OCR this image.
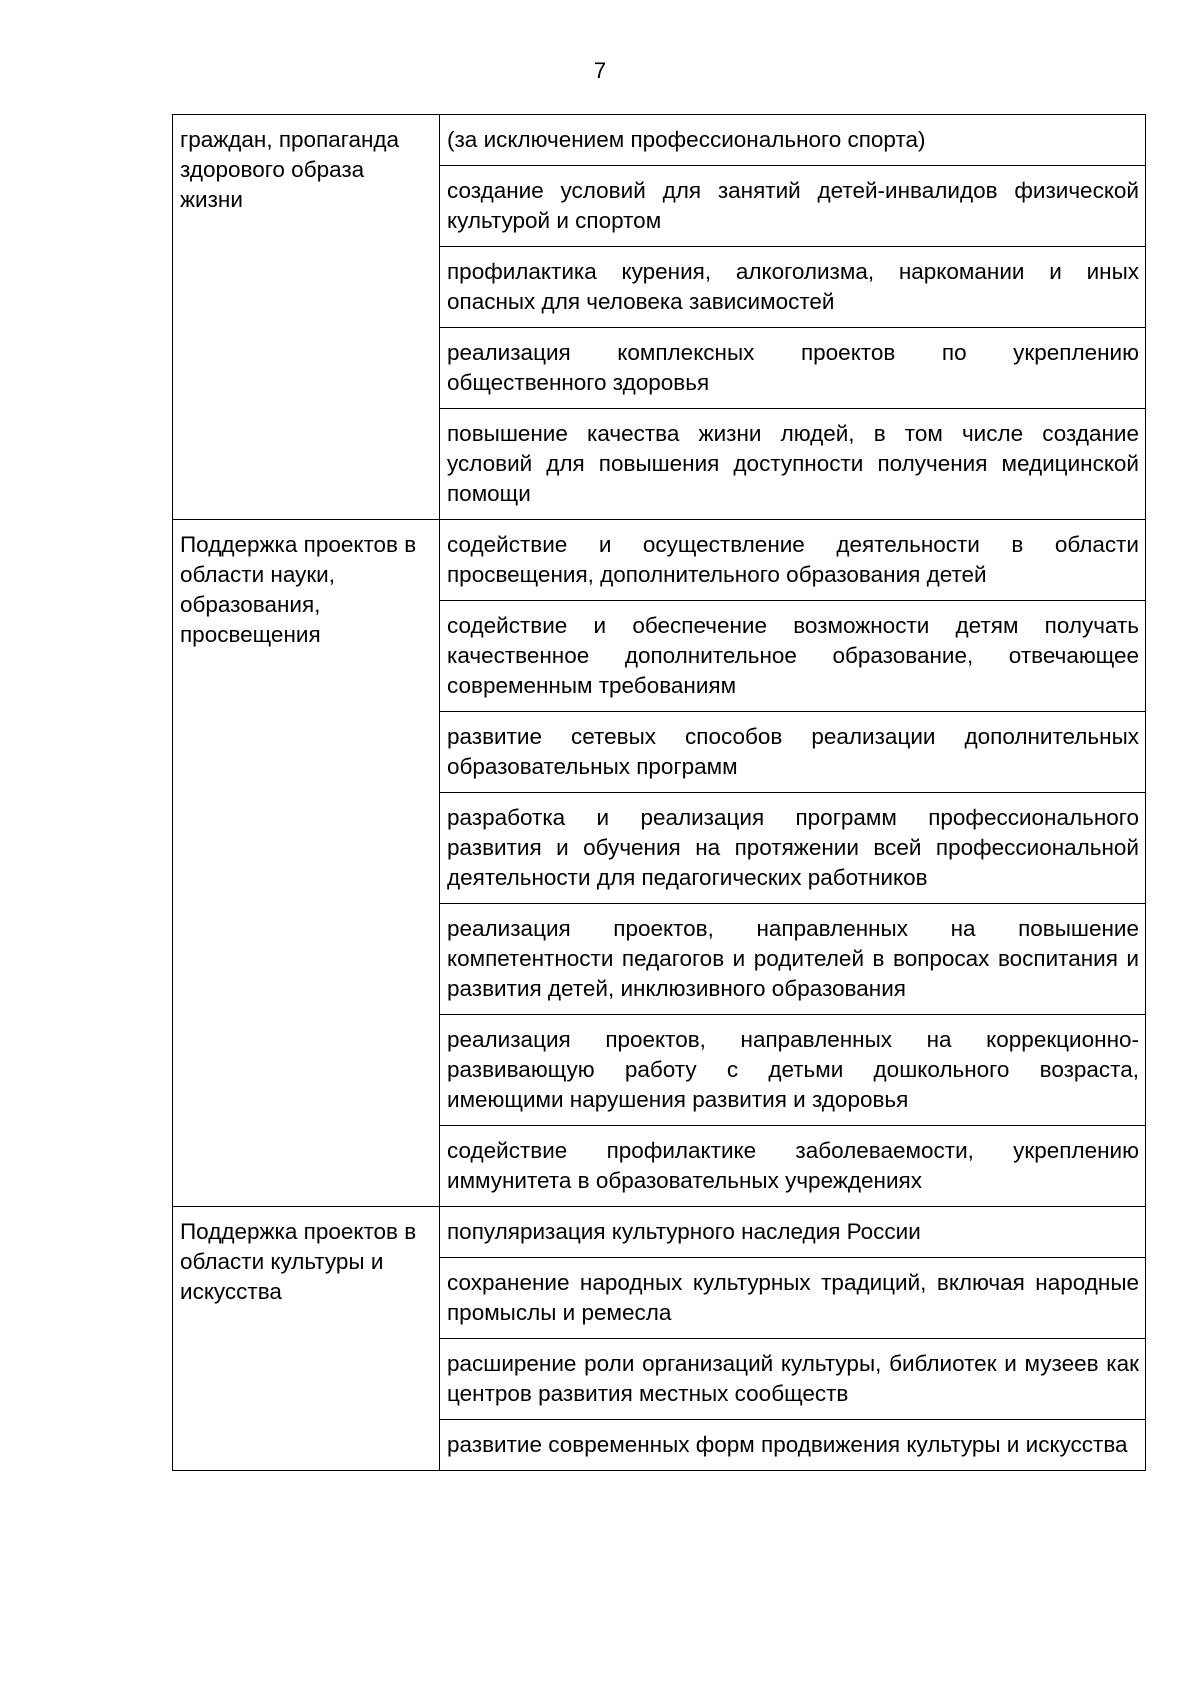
7
граждан, пропаганда здорового образа жизни	(за исключением профессионального спорта)
	создание условий для занятий детей-инвалидов физической культурой и спортом
	профилактика курения, алкоголизма, наркомании и иных опасных для человека зависимостей
	реализация комплексных проектов по укреплению общественного здоровья
	повышение качества жизни людей, в том числе создание условий для повышения доступности получения медицинской помощи
Поддержка проектов в области науки, образования, просвещения	содействие и осуществление деятельности в области просвещения, дополнительного образования детей
	содействие и обеспечение возможности детям получать качественное дополнительное образование, отвечающее современным требованиям
	развитие сетевых способов реализации дополнительных образовательных программ
	разработка и реализация программ профессионального развития и обучения на протяжении всей профессиональной деятельности для педагогических работников
	реализация проектов, направленных на повышение компетентности педагогов и родителей в вопросах воспитания и развития детей, инклюзивного образования
	реализация проектов, направленных на коррекционно-развивающую работу с детьми дошкольного возраста, имеющими нарушения развития и здоровья
	содействие профилактике заболеваемости, укреплению иммунитета в образовательных учреждениях
Поддержка проектов в области культуры и искусства	популяризация культурного наследия России
	сохранение народных культурных традиций, включая народные промыслы и ремесла
	расширение роли организаций культуры, библиотек и музеев как центров развития местных сообществ
	развитие современных форм продвижения культуры и искусства
